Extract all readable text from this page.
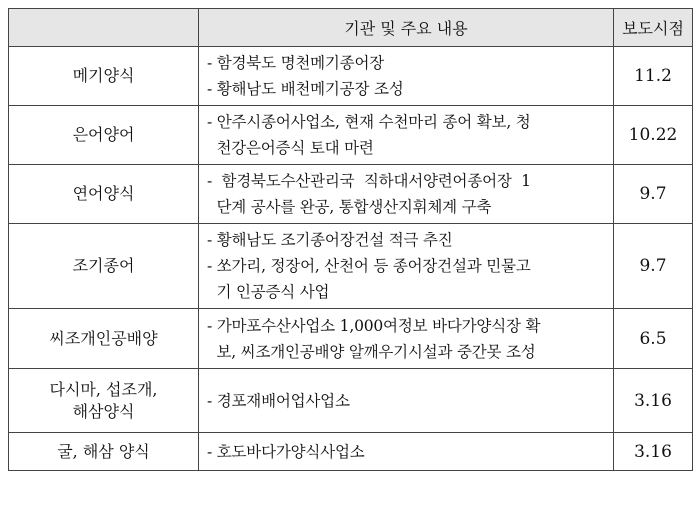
	기관 및 주요 내용	보도시점
메기양식	- 함경북도 명천메기종어장
- 황해남도 배천메기공장 조성	11.2
은어양어	- 안주시종어사업소, 현재 수천마리 종어 확보, 청
천강은어증식 토대 마련	10.22
연어양식	-  함경북도수산관리국  직하대서양련어종어장  1
단계 공사를 완공, 통합생산지휘체계 구축	9.7
조기종어	- 황해남도 조기종어장건설 적극 추진
- 쏘가리, 정장어, 산천어 등 종어장건설과 민물고
기 인공증식 사업	9.7
씨조개인공배양	- 가마포수산사업소 1,000여정보 바다가양식장 확
보, 씨조개인공배양 알깨우기시설과 중간못 조성	6.5

다시마, 섭조개,
해삼양식	- 경포재배어업사업소	3.16
굴, 해삼 양식	- 호도바다가양식사업소	3.16
